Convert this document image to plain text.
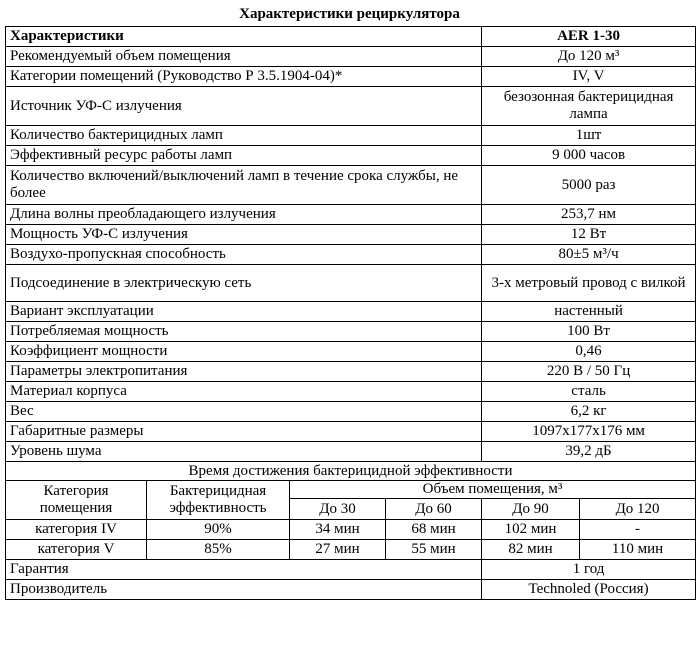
Характеристики рециркулятора
Характеристики				AER 1-30	
Рекомендуемый объем помещения				До 120 м³	
Категории помещений (Руководство Р 3.5.1904-04)*				IV, V	
Источник УФ-С излучения				безозонная бактерицидная лампа	
Количество бактерицидных ламп				1шт	
Эффективный ресурс работы ламп				9 000 часов	
Количество включений/выключений ламп в течение срока службы, не более				5000 раз	
Длина волны преобладающего излучения				253,7 нм	
Мощность УФ-С излучения				12 Вт	
Воздухо-пропускная способность				80±5 м³/ч	
Подсоединение в электрическую сеть				3-х метровый провод с вилкой	
Вариант эксплуатации				настенный	
Потребляемая мощность				100 Вт	
Коэффициент мощности				0,46	
Параметры электропитания				220 В / 50 Гц	
Материал корпуса				сталь	
Вес				6,2 кг	
Габаритные размеры				1097х177х176 мм	
Уровень шума				39,2 дБ	
Время достижения бактерицидной эффективности					
Категория помещения	Бактерицидная эффективность	Объем помещения, м³			
		До 30	До 60	До 90	До 120
категория IV	90%	34 мин	68 мин	102 мин	-
категория V	85%	27 мин	55 мин	82 мин	110 мин
Гарантия				1 год	
Производитель				Technoled (Россия)	
